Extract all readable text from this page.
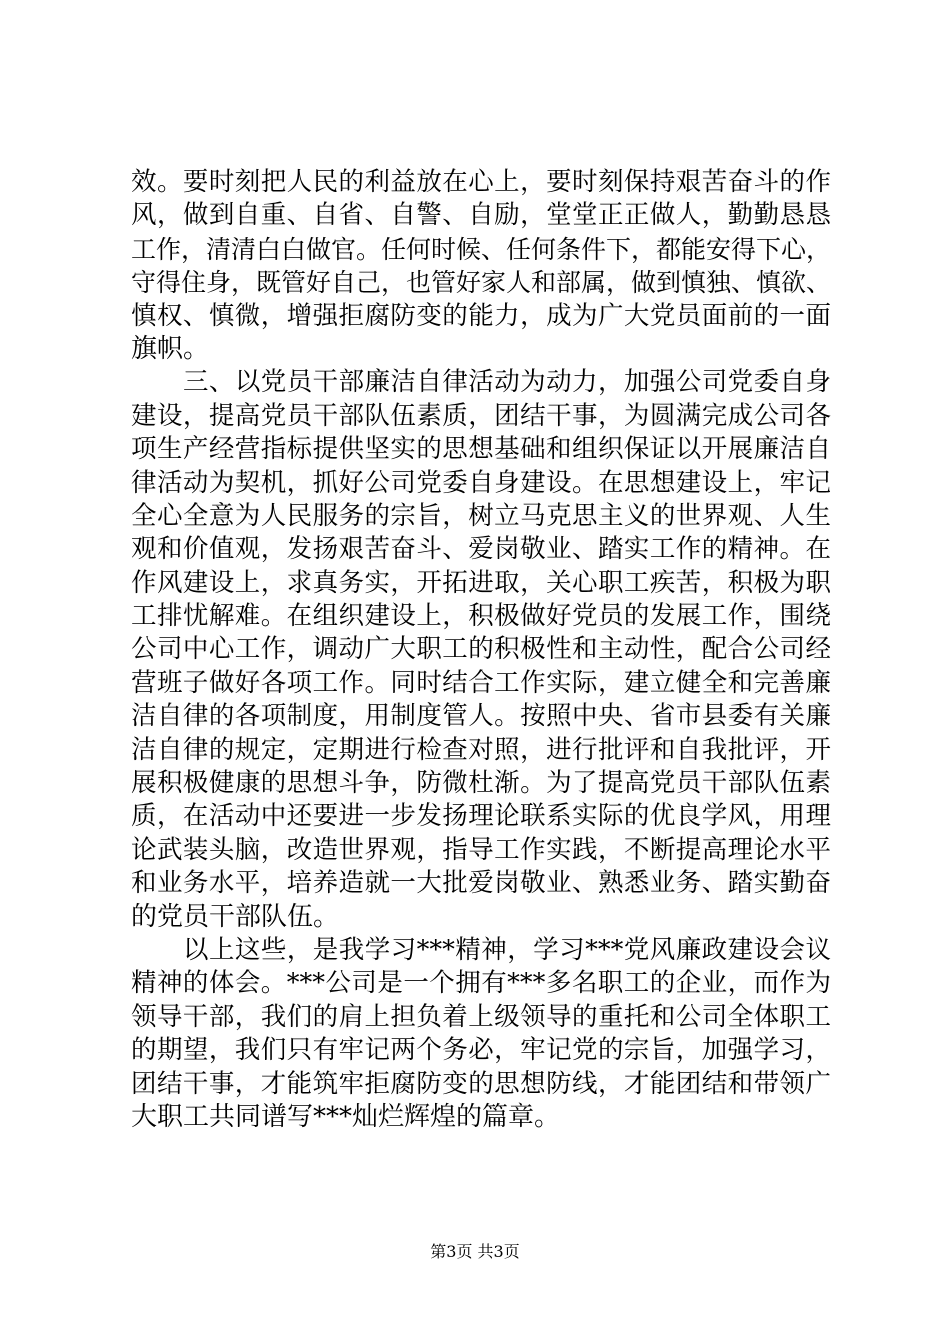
效。要时刻把人民的利益放在心上，要时刻保持艰苦奋斗的作
风，做到自重、自省、自警、自励，堂堂正正做人，勤勤恳恳
工作，清清白白做官。任何时候、任何条件下，都能安得下心，
守得住身，既管好自己，也管好家人和部属，做到慎独、慎欲、
慎权、慎微，增强拒腐防变的能力，成为广大党员面前的一面
旗帜。
三、以党员干部廉洁自律活动为动力，加强公司党委自身
建设，提高党员干部队伍素质，团结干事，为圆满完成公司各
项生产经营指标提供坚实的思想基础和组织保证以开展廉洁自
律活动为契机，抓好公司党委自身建设。在思想建设上，牢记
全心全意为人民服务的宗旨，树立马克思主义的世界观、人生
观和价值观，发扬艰苦奋斗、爱岗敬业、踏实工作的精神。在
作风建设上，求真务实，开拓进取，关心职工疾苦，积极为职
工排忧解难。在组织建设上，积极做好党员的发展工作，围绕
公司中心工作，调动广大职工的积极性和主动性，配合公司经
营班子做好各项工作。同时结合工作实际，建立健全和完善廉
洁自律的各项制度，用制度管人。按照中央、省市县委有关廉
洁自律的规定，定期进行检查对照，进行批评和自我批评，开
展积极健康的思想斗争，防微杜渐。为了提高党员干部队伍素
质，在活动中还要进一步发扬理论联系实际的优良学风，用理
论武装头脑，改造世界观，指导工作实践，不断提高理论水平
和业务水平，培养造就一大批爱岗敬业、熟悉业务、踏实勤奋
的党员干部队伍。
以上这些，是我学习***精神，学习***党风廉政建设会议
精神的体会。***公司是一个拥有***多名职工的企业，而作为
领导干部，我们的肩上担负着上级领导的重托和公司全体职工
的期望，我们只有牢记两个务必，牢记党的宗旨，加强学习，
团结干事，才能筑牢拒腐防变的思想防线，才能团结和带领广
大职工共同谱写***灿烂辉煌的篇章。
第3页 共3页
